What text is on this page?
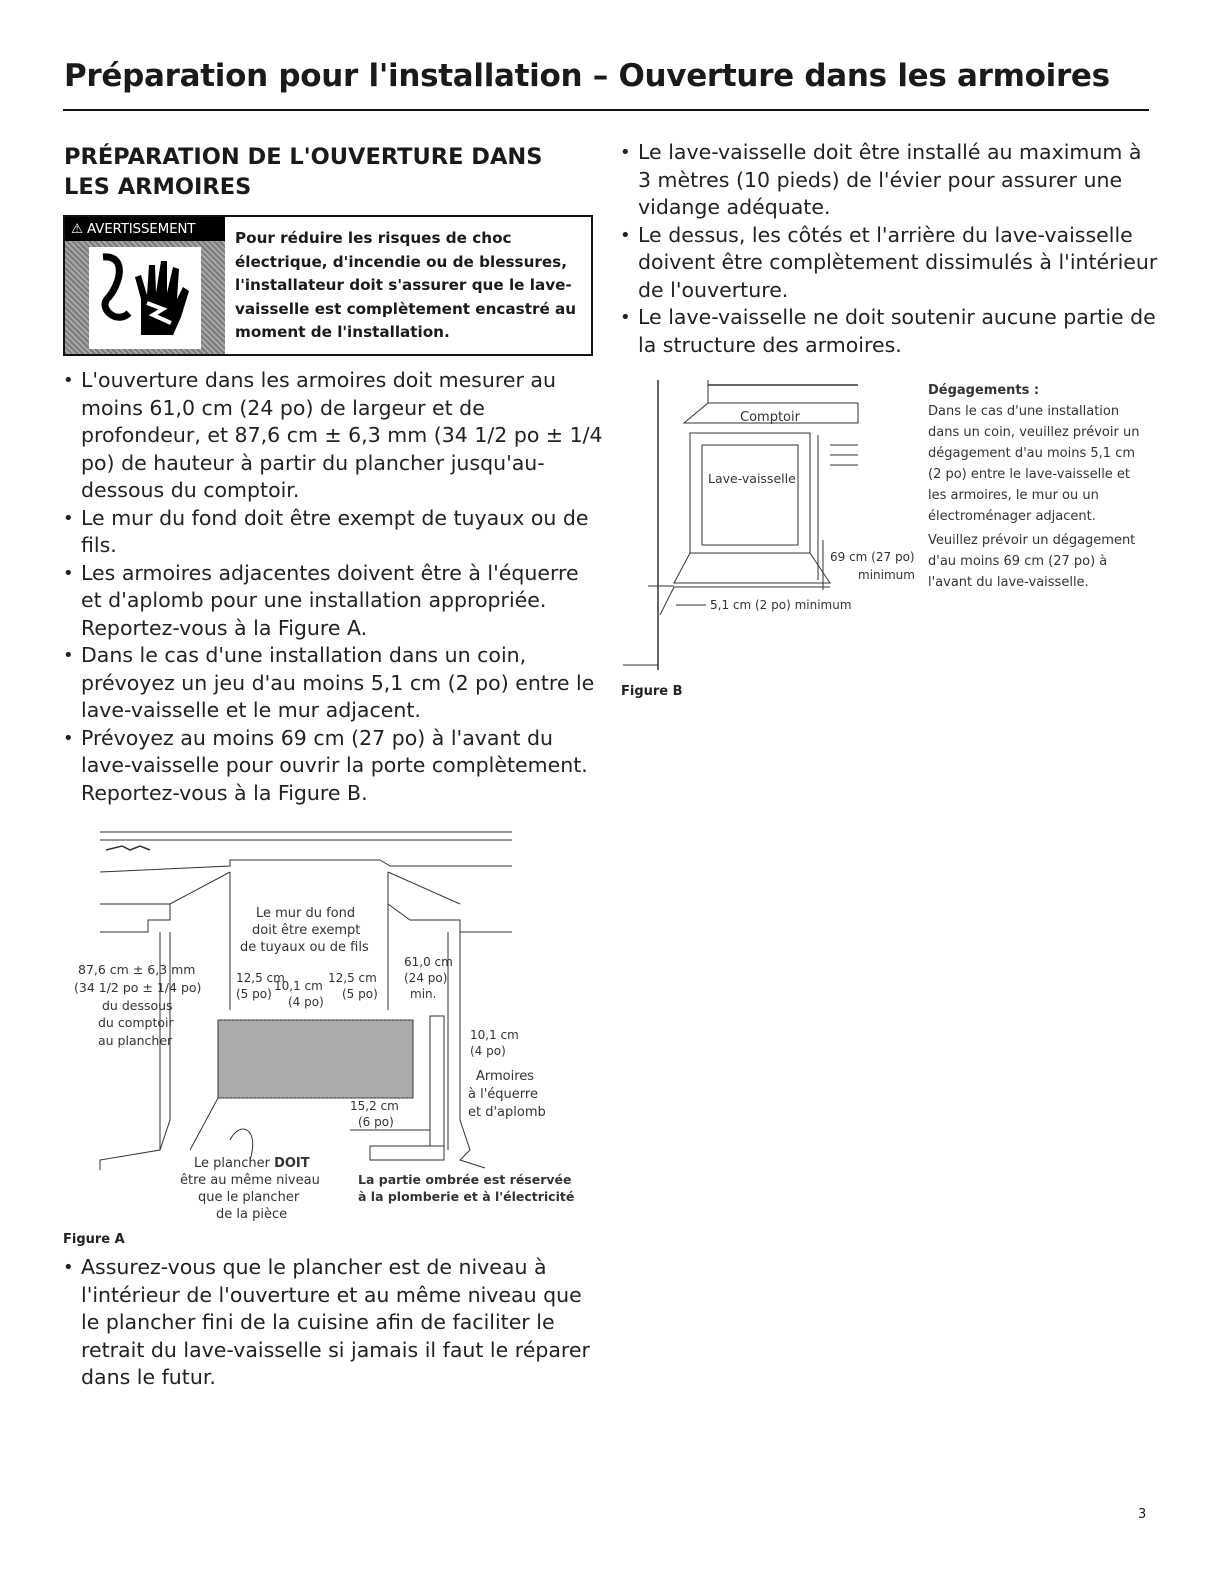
Préparation pour l'installation – Ouverture dans les armoires
PRÉPARATION DE L'OUVERTURE DANS LES ARMOIRES
⚠ AVERTISSEMENT	Pour réduire les risques de choc électrique, d'incendie ou de blessures, l'installateur doit s'assurer que le lave-vaisselle est complètement encastré au moment de l'installation.

• L'ouverture dans les armoires doit mesurer au moins 61,0 cm (24 po) de largeur et de profondeur, et 87,6 cm ± 6,3 mm (34 1/2 po ± 1/4 po) de hauteur à partir du plancher jusqu'au-dessous du comptoir.
• Le mur du fond doit être exempt de tuyaux ou de fils.
• Les armoires adjacentes doivent être à l'équerre et d'aplomb pour une installation appropriée. Reportez-vous à la Figure A.
• Dans le cas d'une installation dans un coin, prévoyez un jeu d'au moins 5,1 cm (2 po) entre le lave-vaisselle et le mur adjacent.
• Prévoyez au moins 69 cm (27 po) à l'avant du lave-vaisselle pour ouvrir la porte complètement. Reportez-vous à la Figure B.
• Le lave-vaisselle doit être installé au maximum à 3 mètres (10 pieds) de l'évier pour assurer une vidange adéquate.
• Le dessus, les côtés et l'arrière du lave-vaisselle doivent être complètement dissimulés à l'intérieur de l'ouverture.
• Le lave-vaisselle ne doit soutenir aucune partie de la structure des armoires.
Comptoir
Lave-vaisselle
69 cm (27 po)
minimum
5,1 cm (2 po) minimum
Dégagements :

Dans le cas d'une installation dans un coin, veuillez prévoir un dégagement d'au moins 5,1 cm (2 po) entre le lave-vaisselle et les armoires, le mur ou un électroménager adjacent.

Veuillez prévoir un dégagement d'au moins 69 cm (27 po) à l'avant du lave-vaisselle.

Figure B
Le mur du fond
doit être exempt
de tuyaux ou de fils
87,6 cm ± 6,3 mm
(34 1/2 po ± 1/4 po)
du dessous
du comptoir
au plancher
12,5 cm
(5 po)
10,1 cm
(4 po)
12,5 cm
(5 po)
61,0 cm
(24 po)
min.
10,1 cm
(4 po)
Armoires
à l'équerre
et d'aplomb
15,2 cm
(6 po)
Le plancher DOIT
être au même niveau
que le plancher
de la pièce
La partie ombrée est réservée
à la plomberie et à l'électricité
Figure A
• Assurez-vous que le plancher est de niveau à l'intérieur de l'ouverture et au même niveau que le plancher fini de la cuisine afin de faciliter le retrait du lave-vaisselle si jamais il faut le réparer dans le futur.
3
